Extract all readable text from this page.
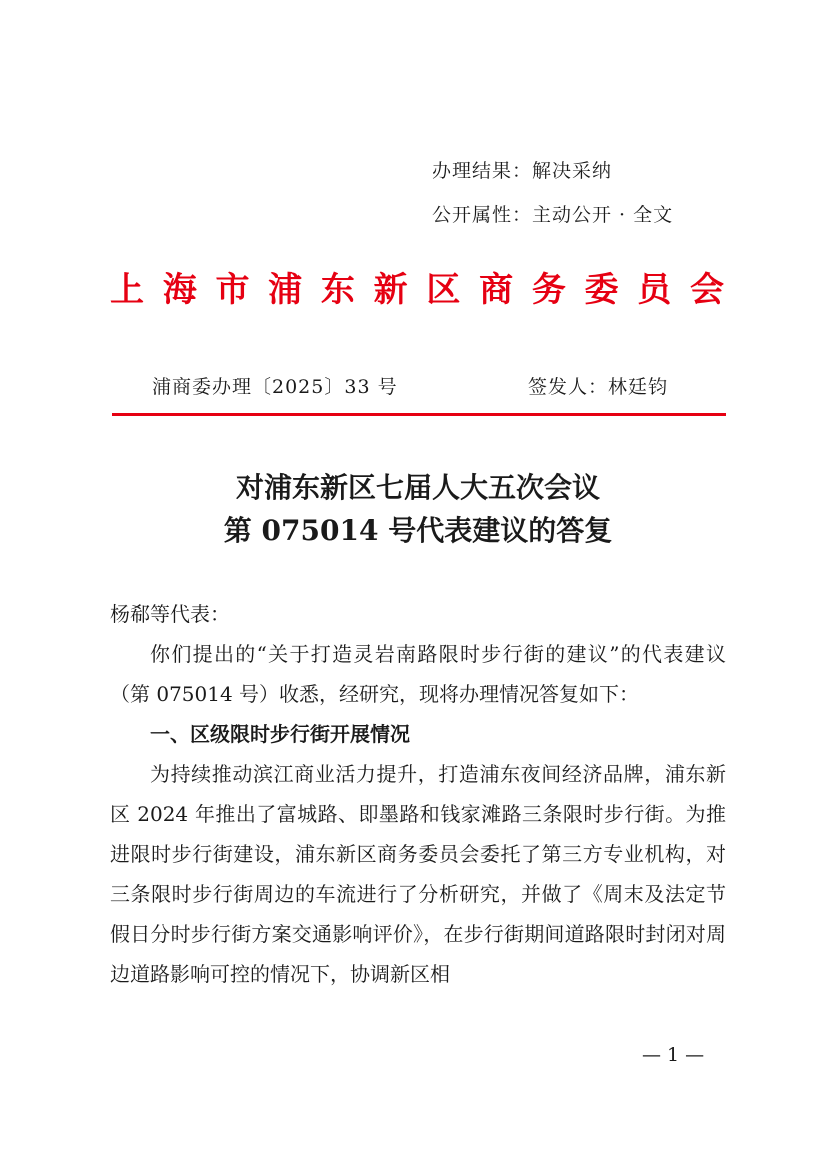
办理结果：解决采纳
公开属性：主动公开 · 全文
上海市浦东新区商务委员会
浦商委办理〔2025〕33 号	签发人：林廷钧
对浦东新区七届人大五次会议
第 075014 号代表建议的答复

杨郗等代表：

你们提出的“关于打造灵岩南路限时步行街的建议”的代表建议（第 075014 号）收悉，经研究，现将办理情况答复如下：

一、区级限时步行街开展情况

为持续推动滨江商业活力提升，打造浦东夜间经济品牌，浦东新区 2024 年推出了富城路、即墨路和钱家滩路三条限时步行街。为推进限时步行街建设，浦东新区商务委员会委托了第三方专业机构，对三条限时步行街周边的车流进行了分析研究，并做了《周末及法定节假日分时步行街方案交通影响评价》，在步行街期间道路限时封闭对周边道路影响可控的情况下，协调新区相

— 1 —
